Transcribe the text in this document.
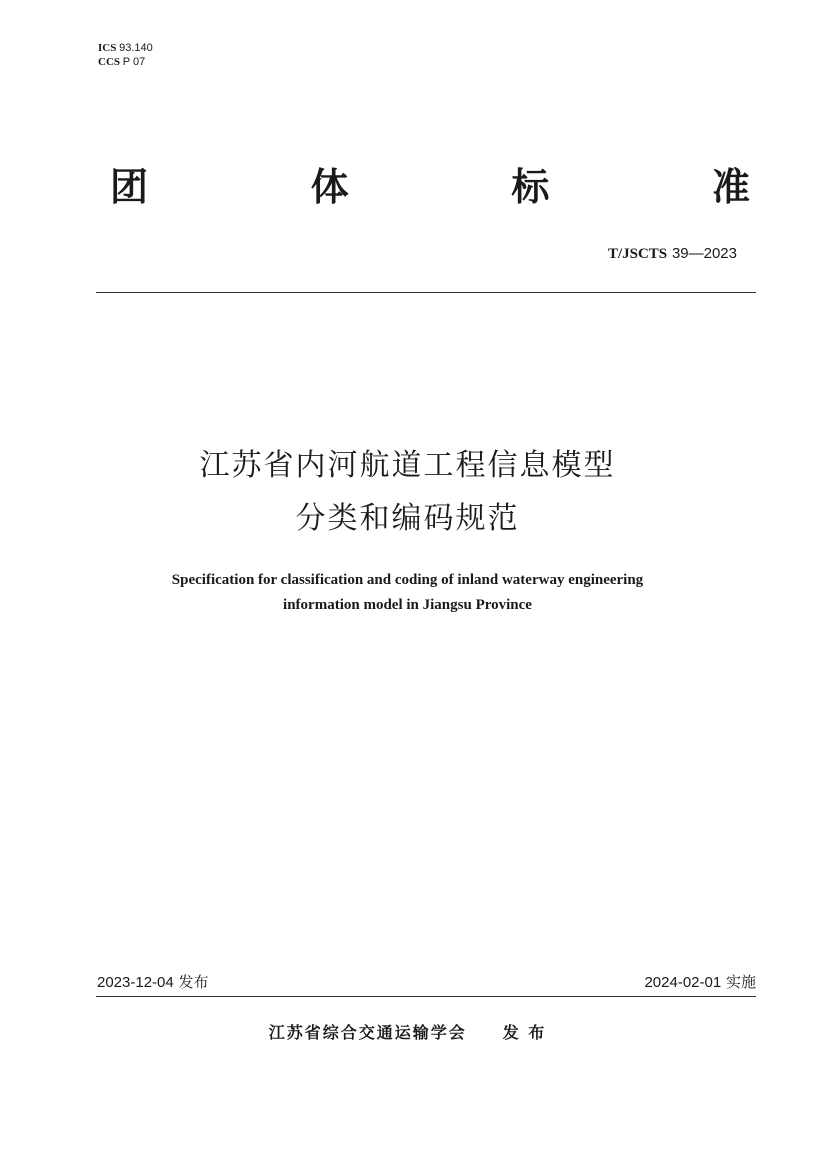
ICS 93.140
CCS P 07
团	体	标	准
T/JSCTS 39—2023
江苏省内河航道工程信息模型
分类和编码规范
Specification for classification and coding of inland waterway engineering
information model in Jiangsu Province
2023-12-04 发布	2024-02-01 实施
江苏省综合交通运输学会 发 布
